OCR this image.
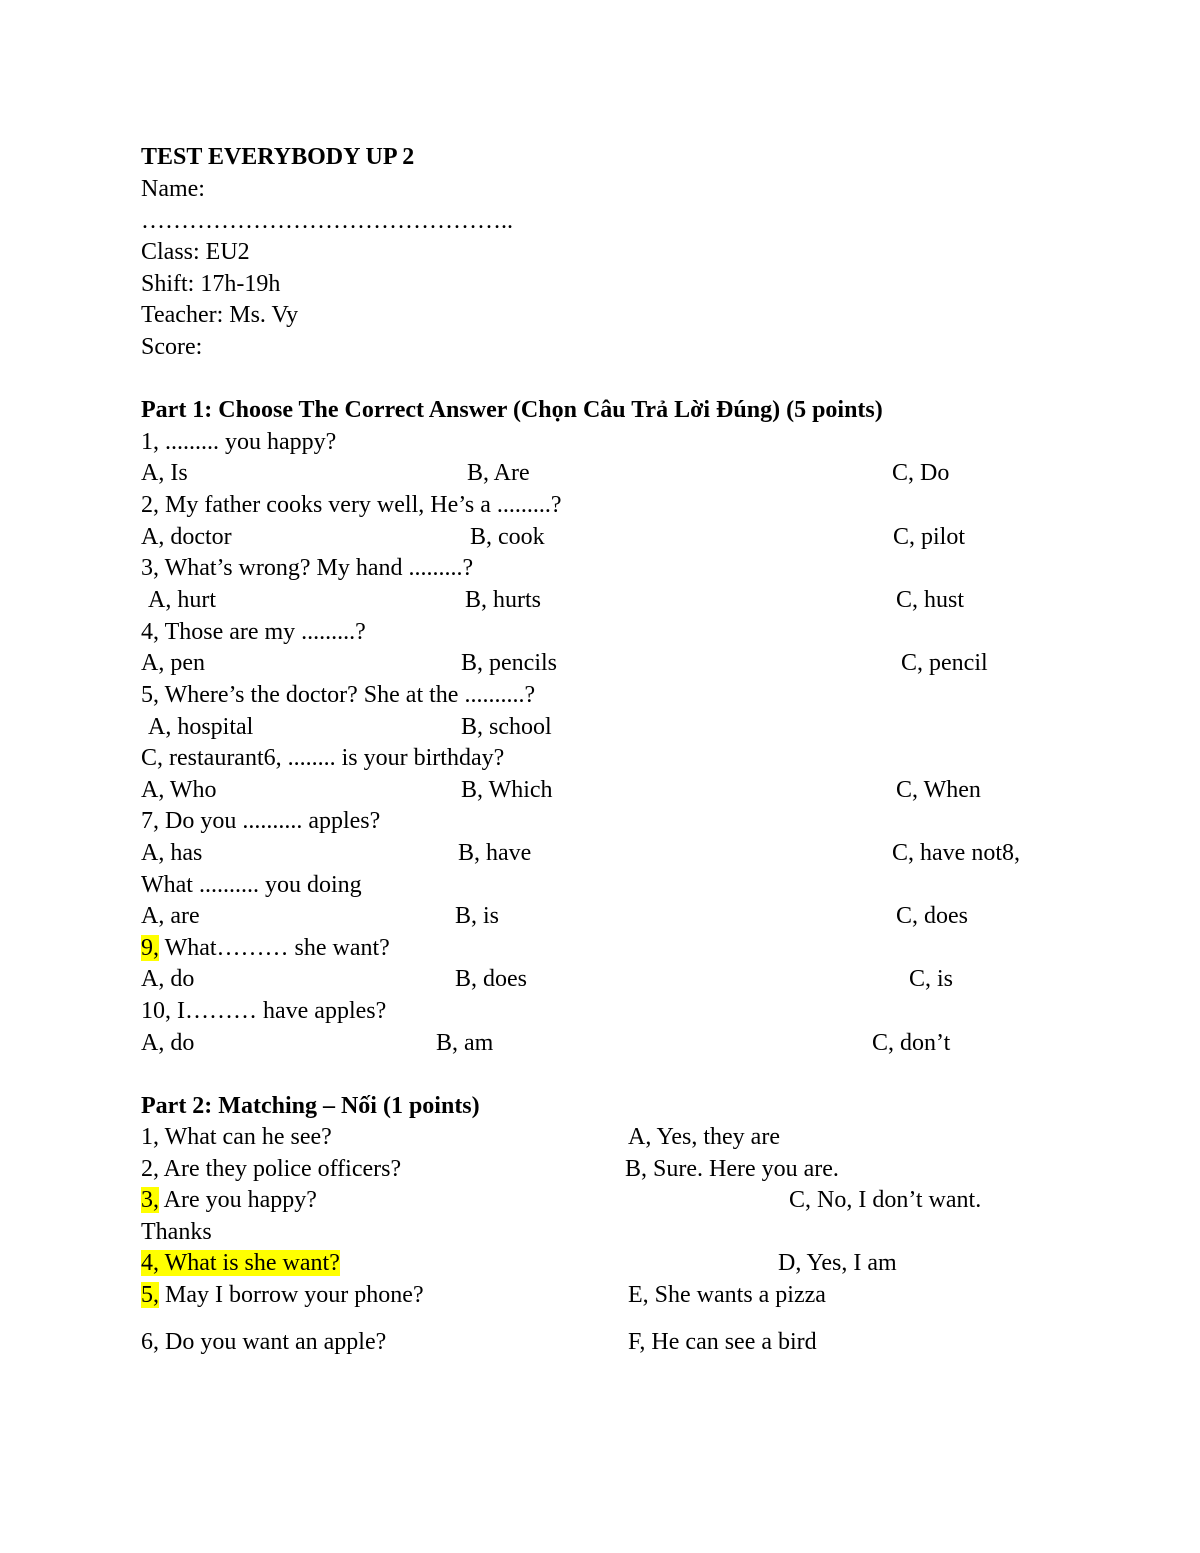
TEST EVERYBODY UP 2
Name:
………………………………………..
Class: EU2
Shift: 17h-19h
Teacher: Ms. Vy
Score:
Part 1: Choose The Correct Answer (Chọn Câu Trả Lời Đúng) (5 points)
1, ......... you happy?
A, Is	B, Are	C, Do
2, My father cooks very well, He’s a .........?
A, doctor	B, cook	C, pilot
3, What’s wrong? My hand .........?
A, hurt	B, hurts	C, hust
4, Those are my .........?
A, pen	B, pencils	C, pencil
5, Where’s the doctor? She at the ..........?
A, hospital	B, school
C, restaurant6, ........ is your birthday?
A, Who	B, Which	C, When
7, Do you .......... apples?
A, has	B, have	C, have not8,
What .......... you doing
A, are	B, is	C, does
9, What……… she want?
A, do	B, does	C, is
10, I……… have apples?
A, do	B, am	C, don’t
Part 2: Matching – Nối (1 points)
1, What can he see?	A, Yes, they are
2, Are they police officers?	B, Sure. Here you are.
3, Are you happy?	C, No, I don’t want.
Thanks
4, What is she want?	D, Yes, I am
5, May I borrow your phone?	E, She wants a pizza
6, Do you want an apple?	F, He can see a bird
